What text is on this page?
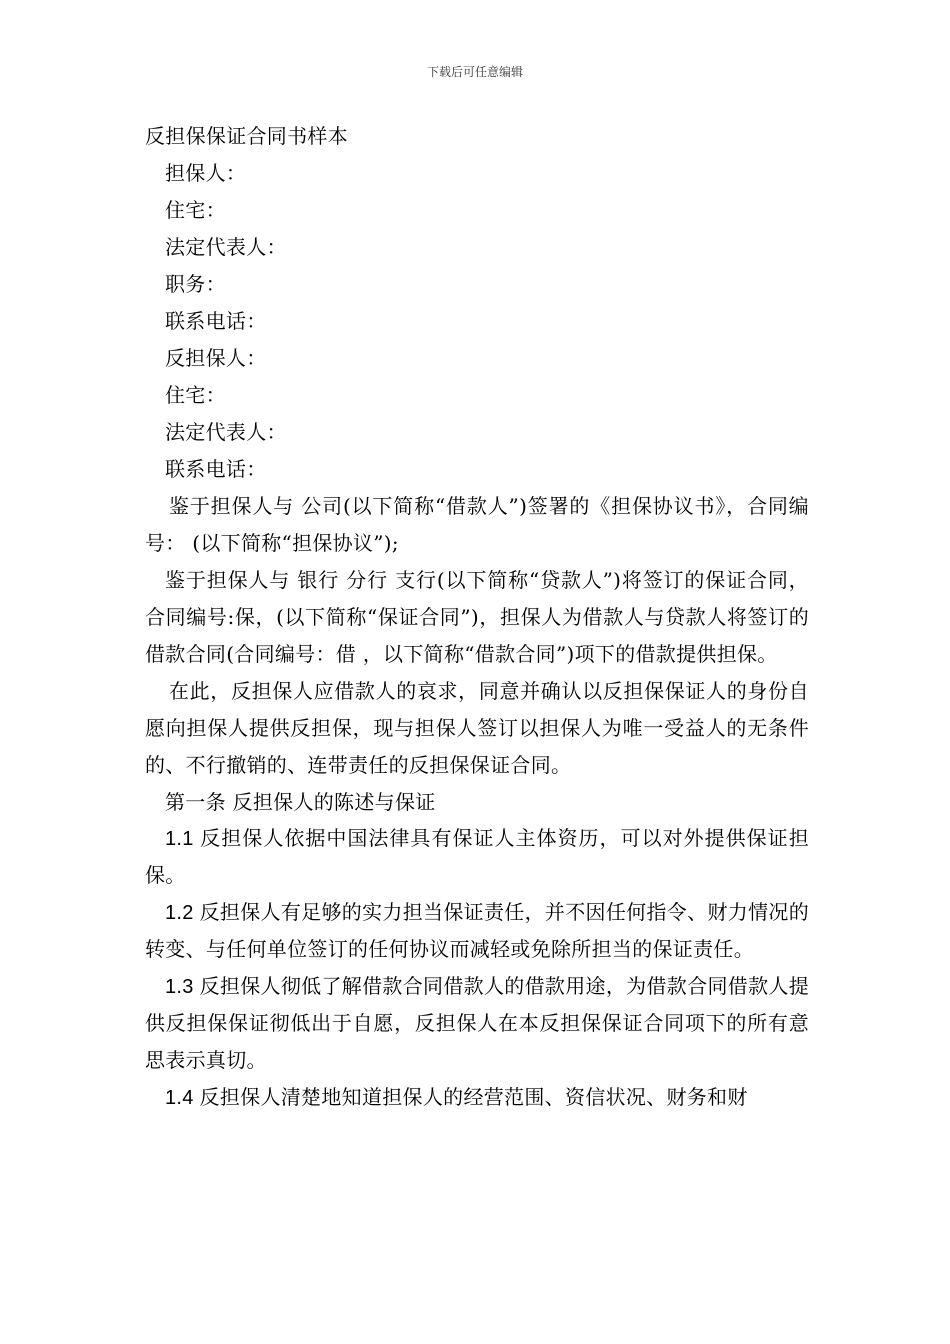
下载后可任意编辑
反担保保证合同书样本
担保人：
住宅：
法定代表人：
职务：
联系电话：
反担保人：
住宅：
法定代表人：
联系电话：

鉴于担保人与 公司(以下简称“借款人”)签署的《担保协议书》，合同编号： (以下简称“担保协议”);

鉴于担保人与 银行 分行 支行(以下简称“贷款人”)将签订的保证合同，合同编号:保，(以下简称“保证合同”)，担保人为借款人与贷款人将签订的借款合同(合同编号：借 ，以下简称“借款合同”)项下的借款提供担保。

在此，反担保人应借款人的哀求，同意并确认以反担保保证人的身份自愿向担保人提供反担保，现与担保人签订以担保人为唯一受益人的无条件的、不行撤销的、连带责任的反担保保证合同。

第一条 反担保人的陈述与保证

1.1 反担保人依据中国法律具有保证人主体资历，可以对外提供保证担保。

1.2 反担保人有足够的实力担当保证责任，并不因任何指令、财力情况的转变、与任何单位签订的任何协议而减轻或免除所担当的保证责任。

1.3 反担保人彻低了解借款合同借款人的借款用途，为借款合同借款人提供反担保保证彻低出于自愿，反担保人在本反担保保证合同项下的所有意思表示真切。

1.4 反担保人清楚地知道担保人的经营范围、资信状况、财务和财
